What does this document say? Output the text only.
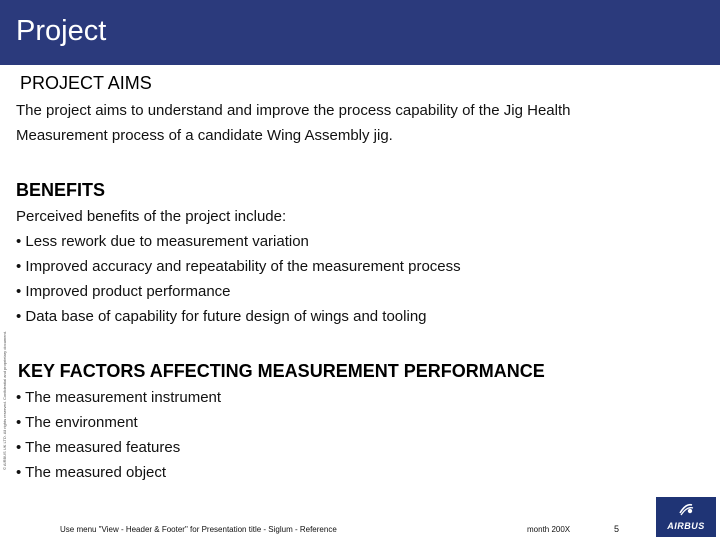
Project
PROJECT AIMS
The project aims to understand and improve the process capability of the Jig Health
Measurement process of a candidate Wing Assembly jig.
BENEFITS
Perceived benefits of the project include:
• Less rework due to measurement variation
• Improved accuracy and repeatability of the measurement process
• Improved product performance
• Data base of capability for future design of wings and tooling
KEY FACTORS AFFECTING MEASUREMENT PERFORMANCE
• The measurement instrument
• The environment
• The measured features
• The measured object
© AIRBUS UK LTD. All rights reserved. Confidential and proprietary document.
Use menu "View - Header & Footer" for Presentation title - Siglum - Reference	month 200X	5	AIRBUS
